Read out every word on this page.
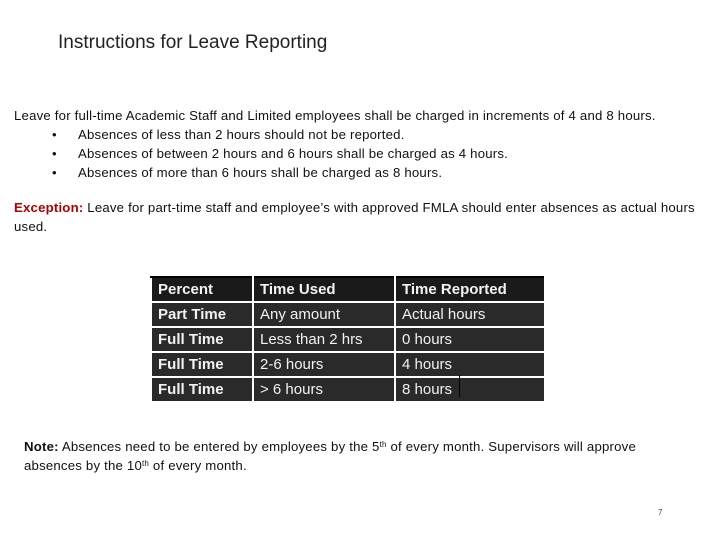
Instructions for Leave Reporting
Leave for full-time Academic Staff and Limited employees shall be charged in increments of 4 and 8 hours.
• Absences of less than 2 hours should not be reported.
• Absences of between 2 hours and 6 hours shall be charged as 4 hours.
• Absences of more than 6 hours shall be charged as 8 hours.
Exception: Leave for part-time staff and employee’s with approved FMLA should enter absences as actual hours used.
Percent	Time Used	Time Reported
Part Time	Any amount	Actual hours
Full Time	Less than 2 hrs	0 hours
Full Time	2-6 hours	4 hours
Full Time	> 6 hours	8 hours
Note: Absences need to be entered by employees by the 5th of every month. Supervisors will approve absences by the 10th of every month.
7
